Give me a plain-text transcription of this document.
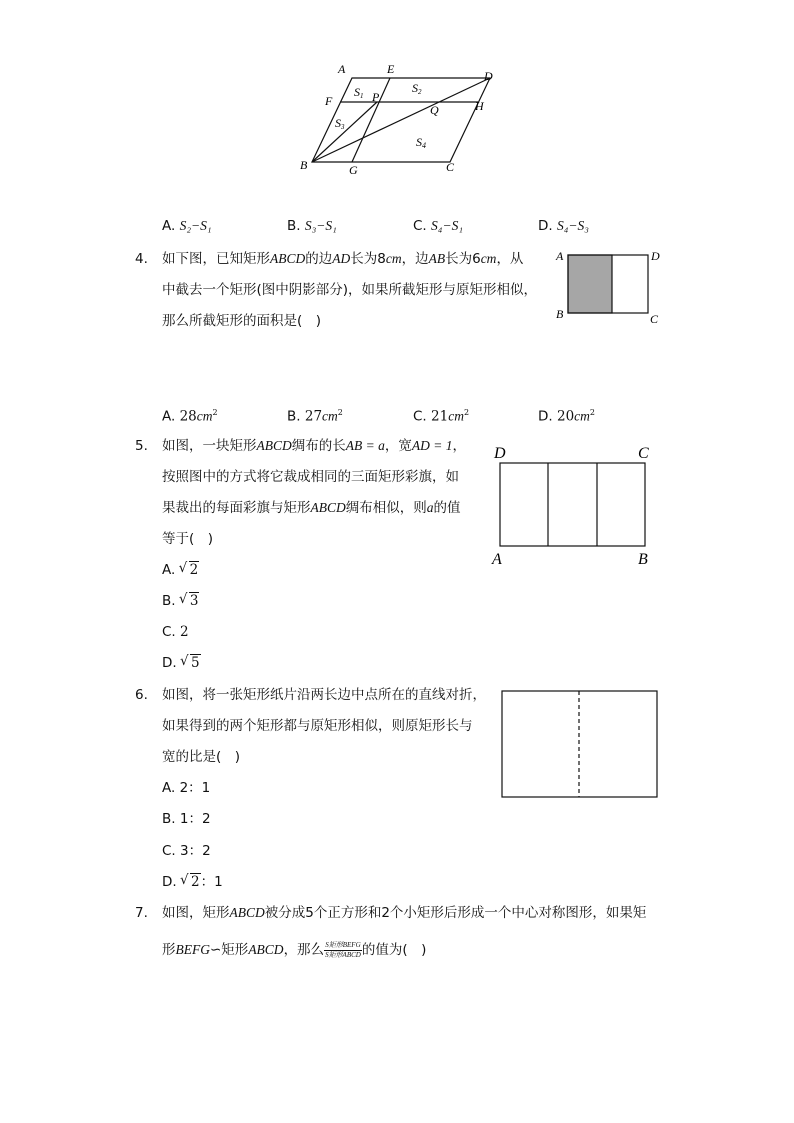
A	E	D
F	P
H
Q
B	G	C
S1
S2
S3
S4
A. S₂−S₁	B. S₃−S₁	C. S₄−S₁	D. S₄−S₃
4. 如下图，已知矩形ABCD的边AD长为8cm，边AB长为6cm，从
中截去一个矩形(图中阴影部分)，如果所截矩形与原矩形相似，
那么所截矩形的面积是(　)
A	D
B	C
A. $28cm^2$	B. $27cm^2$	C. $21cm^2$	D. $20cm^2$
5. 如图，一块矩形ABCD绸布的长AB = a，宽AD = 1，
按照图中的方式将它裁成相同的三面矩形彩旗，如
果裁出的每面彩旗与矩形ABCD绸布相似，则a的值
等于(　)
D	C
A	B
A. √ 2
B. √ 3
C. 2
D. √ 5
6. 如图，将一张矩形纸片沿两长边中点所在的直线对折，
如果得到的两个矩形都与原矩形相似，则原矩形长与
宽的比是(　)
A. 2：1
B. 1：2
C. 3：2
D. √ 2：1
7. 如图，矩形ABCD被分成5个正方形和2个小矩形后形成一个中心对称图形，如果矩
形BEFG∽矩形ABCD，那么 $\frac{\text{S矩形BEFG}}{\text{S矩形ABCD}}$ 的值为(　)
